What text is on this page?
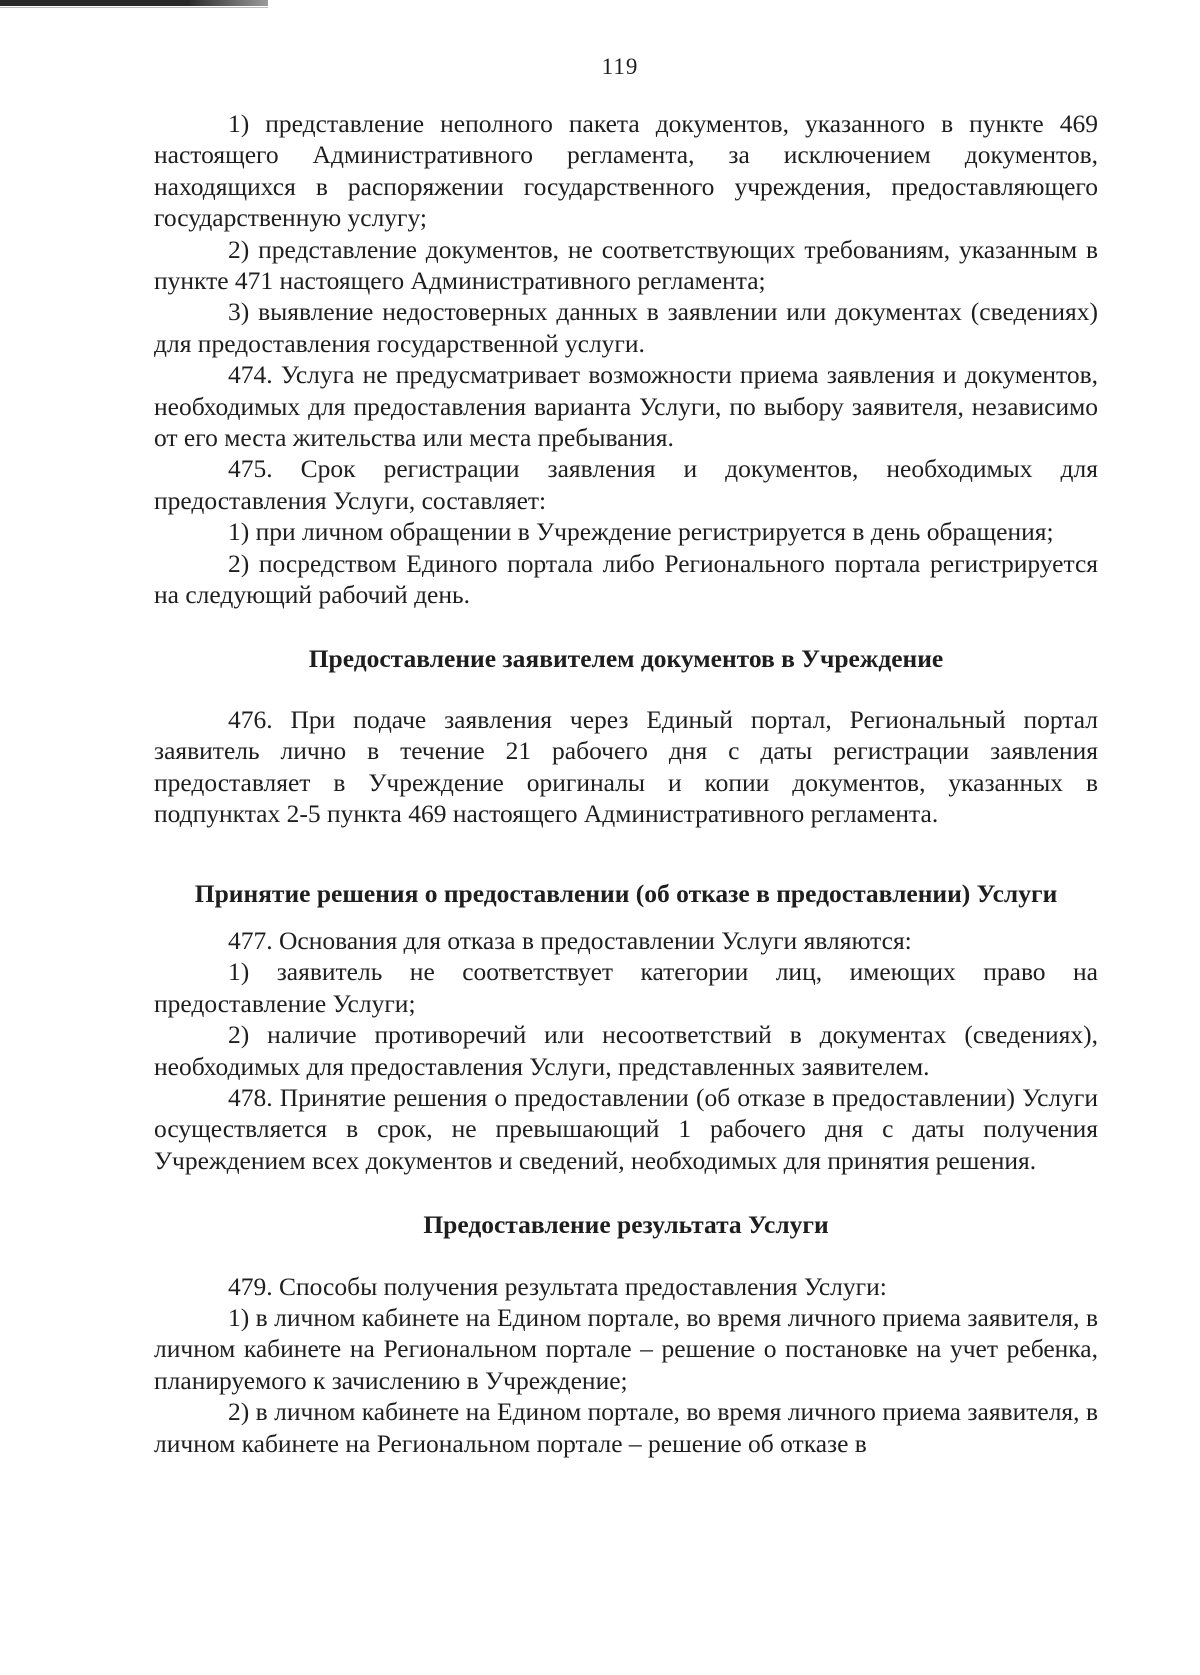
119

1) представление неполного пакета документов, указанного в пункте 469 настоящего Административного регламента, за исключением документов, находящихся в распоряжении государственного учреждения, предоставляющего государственную услугу;

2) представление документов, не соответствующих требованиям, указанным в пункте 471 настоящего Административного регламента;

3) выявление недостоверных данных в заявлении или документах (сведениях) для предоставления государственной услуги.

474. Услуга не предусматривает возможности приема заявления и документов, необходимых для предоставления варианта Услуги, по выбору заявителя, независимо от его места жительства или места пребывания.

475. Срок регистрации заявления и документов, необходимых для предоставления Услуги, составляет:

1) при личном обращении в Учреждение регистрируется в день обращения;

2) посредством Единого портала либо Регионального портала регистрируется на следующий рабочий день.

Предоставление заявителем документов в Учреждение

476. При подаче заявления через Единый портал, Региональный портал заявитель лично в течение 21 рабочего дня с даты регистрации заявления предоставляет в Учреждение оригиналы и копии документов, указанных в подпунктах 2-5 пункта 469 настоящего Административного регламента.

Принятие решения о предоставлении (об отказе в предоставлении) Услуги

477. Основания для отказа в предоставлении Услуги являются:

1) заявитель не соответствует категории лиц, имеющих право на предоставление Услуги;

2) наличие противоречий или несоответствий в документах (сведениях), необходимых для предоставления Услуги, представленных заявителем.

478. Принятие решения о предоставлении (об отказе в предоставлении) Услуги осуществляется в срок, не превышающий 1 рабочего дня с даты получения Учреждением всех документов и сведений, необходимых для принятия решения.

Предоставление результата Услуги

479. Способы получения результата предоставления Услуги:

1) в личном кабинете на Едином портале, во время личного приема заявителя, в личном кабинете на Региональном портале – решение о постановке на учет ребенка, планируемого к зачислению в Учреждение;

2) в личном кабинете на Едином портале, во время личного приема заявителя, в личном кабинете на Региональном портале – решение об отказе в
